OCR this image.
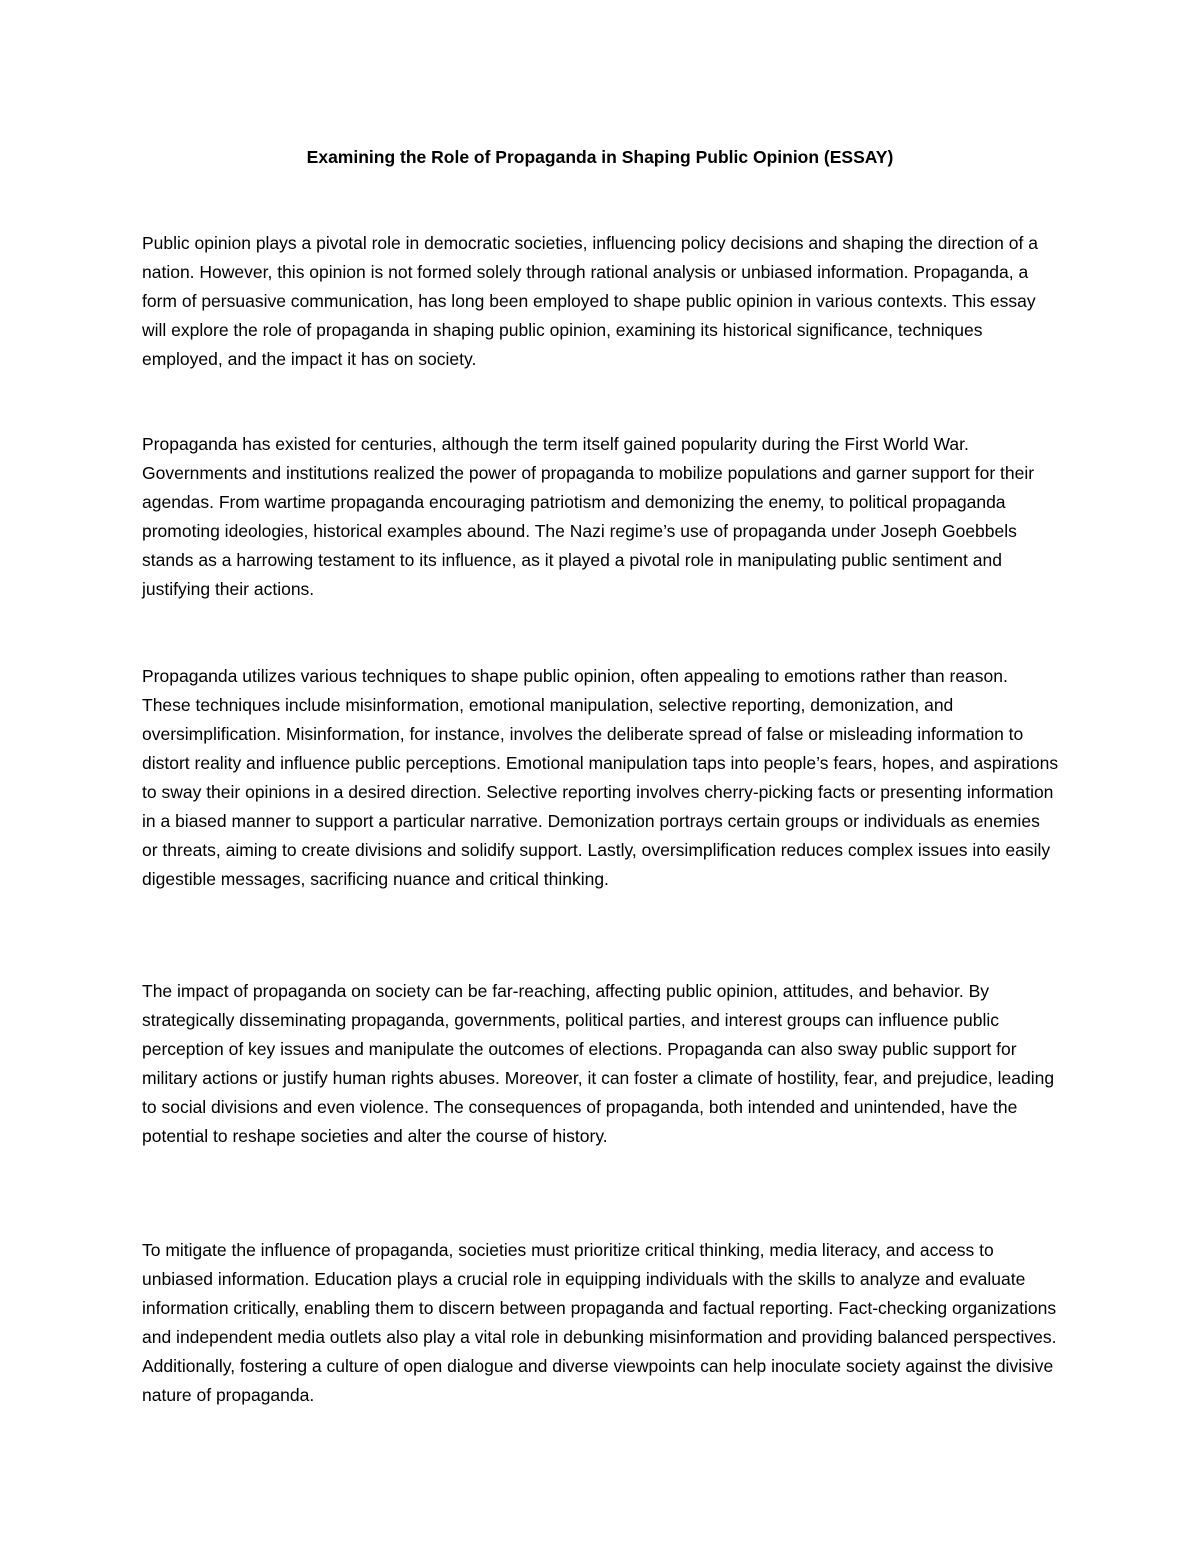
Examining the Role of Propaganda in Shaping Public Opinion (ESSAY)

Public opinion plays a pivotal role in democratic societies, influencing policy decisions and shaping the direction of a nation. However, this opinion is not formed solely through rational analysis or unbiased information. Propaganda, a form of persuasive communication, has long been employed to shape public opinion in various contexts. This essay will explore the role of propaganda in shaping public opinion, examining its historical significance, techniques employed, and the impact it has on society.

Propaganda has existed for centuries, although the term itself gained popularity during the First World War. Governments and institutions realized the power of propaganda to mobilize populations and garner support for their agendas. From wartime propaganda encouraging patriotism and demonizing the enemy, to political propaganda promoting ideologies, historical examples abound. The Nazi regime’s use of propaganda under Joseph Goebbels stands as a harrowing testament to its influence, as it played a pivotal role in manipulating public sentiment and justifying their actions.

Propaganda utilizes various techniques to shape public opinion, often appealing to emotions rather than reason. These techniques include misinformation, emotional manipulation, selective reporting, demonization, and oversimplification. Misinformation, for instance, involves the deliberate spread of false or misleading information to distort reality and influence public perceptions. Emotional manipulation taps into people’s fears, hopes, and aspirations to sway their opinions in a desired direction. Selective reporting involves cherry-picking facts or presenting information in a biased manner to support a particular narrative. Demonization portrays certain groups or individuals as enemies or threats, aiming to create divisions and solidify support. Lastly, oversimplification reduces complex issues into easily digestible messages, sacrificing nuance and critical thinking.

The impact of propaganda on society can be far-reaching, affecting public opinion, attitudes, and behavior. By strategically disseminating propaganda, governments, political parties, and interest groups can influence public perception of key issues and manipulate the outcomes of elections. Propaganda can also sway public support for military actions or justify human rights abuses. Moreover, it can foster a climate of hostility, fear, and prejudice, leading to social divisions and even violence. The consequences of propaganda, both intended and unintended, have the potential to reshape societies and alter the course of history.

To mitigate the influence of propaganda, societies must prioritize critical thinking, media literacy, and access to unbiased information. Education plays a crucial role in equipping individuals with the skills to analyze and evaluate information critically, enabling them to discern between propaganda and factual reporting. Fact-checking organizations and independent media outlets also play a vital role in debunking misinformation and providing balanced perspectives. Additionally, fostering a culture of open dialogue and diverse viewpoints can help inoculate society against the divisive nature of propaganda.
